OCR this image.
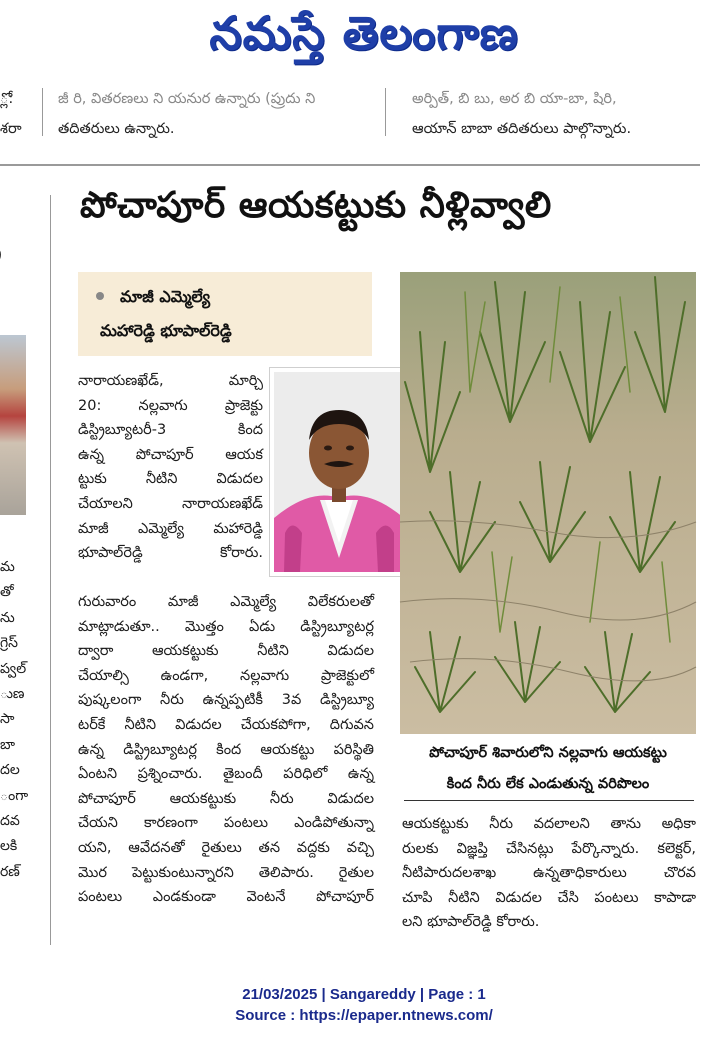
నమస్తే తెలంగాణ
్లో:
శరా
జీ రి, వితరణలు ని యనుర ఉన్నారు (ప్రుదు ని
తదితరులు ఉన్నారు.
అర్పిత్, బి బు, అర బి యా-బా, షిరి,
ఆయాన్ బాబా తదితరులు పాల్గొన్నారు.
మ
తో
ను
గ్రెస్
ప్వల్
ుణ
సా
బా
దల
ంగా
దవ
లకి
రణ్
పోచాపూర్ ఆయకట్టుకు నీళ్లివ్వాలి
మాజీ ఎమ్మెల్యే
మహారెడ్డి భూపాల్‌రెడ్డి
నారాయణఖేడ్, మార్చి
20: నల్లవాగు ప్రాజెక్టు
డిస్ట్రిబ్యూటరీ-3 కింద
ఉన్న పోచాపూర్ ఆయక
ట్టుకు నీటిని విడుదల
చేయాలని నారాయణఖేడ్
మాజీ ఎమ్మెల్యే మహారెడ్డి
భూపాల్‌రెడ్డి కోరారు.
గురువారం మాజీ ఎమ్మెల్యే విలేకరులతో
మాట్లాడుతూ.. మొత్తం ఏడు డిస్ట్రిబ్యూటర్ల
ద్వారా ఆయకట్టుకు నీటిని విడుదల
చేయాల్సి ఉండగా, నల్లవాగు ప్రాజెక్టులో
పుష్కలంగా నీరు ఉన్నప్పటికీ 3వ డిస్ట్రిబ్యూ
టర్‌కే నీటిని విడుదల చేయకపోగా, దిగువన
ఉన్న డిస్ట్రిబ్యూటర్ల కింద ఆయకట్టు పరిస్థితి
ఏంటని ప్రశ్నించారు. తైబందీ పరిధిలో ఉన్న
పోచాపూర్ ఆయకట్టుకు నీరు విడుదల
చేయని కారణంగా పంటలు ఎండిపోతున్నా
యని, ఆవేదనతో రైతులు తన వద్దకు వచ్చి
మొర పెట్టుకుంటున్నారని తెలిపారు. రైతుల
పంటలు ఎండకుండా వెంటనే పోచాపూర్
పోచాపూర్ శివారులోని నల్లవాగు ఆయకట్టు
కింద నీరు లేక ఎండుతున్న వరిపొలం
ఆయకట్టుకు నీరు వదలాలని తాను అధికా
రులకు విజ్ఞప్తి చేసినట్లు పేర్కొన్నారు. కలెక్టర్,
నీటిపారుదలశాఖ ఉన్నతాధికారులు చొరవ
చూపి నీటిని విడుదల చేసి పంటలు కాపాడా
లని భూపాల్‌రెడ్డి కోరారు.
21/03/2025 | Sangareddy | Page : 1
Source : https://epaper.ntnews.com/
